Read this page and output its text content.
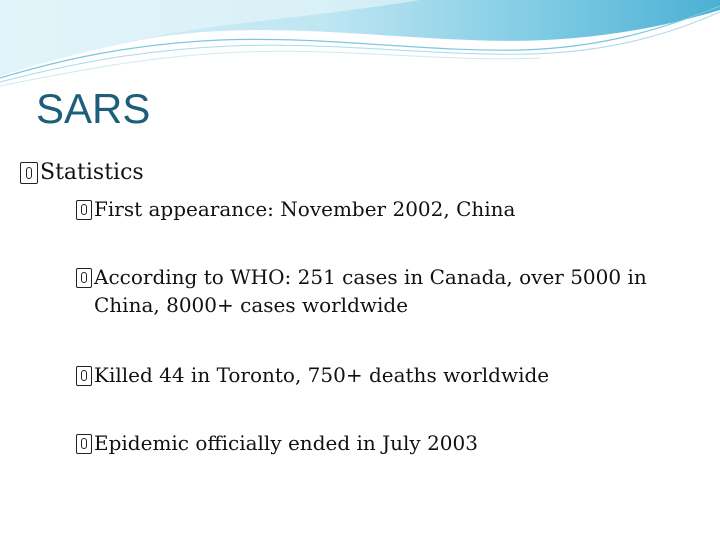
SARS
Statistics
First appearance: November 2002, China
According to WHO: 251 cases in Canada, over 5000 in China, 8000+ cases worldwide
Killed 44 in Toronto, 750+ deaths worldwide
Epidemic officially ended in July 2003
